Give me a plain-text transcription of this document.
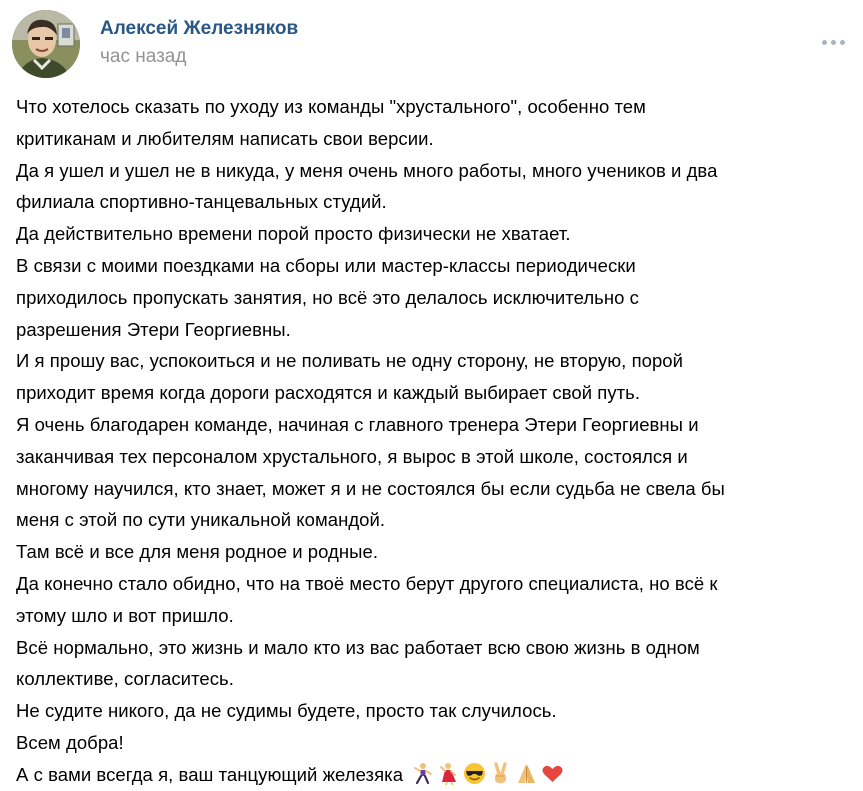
Алексей Железняков
час назад
Что хотелось сказать по уходу из команды "хрустального", особенно тем
критиканам и любителям написать свои версии.
Да я ушел и ушел не в никуда, у меня очень много работы, много учеников и два
филиала спортивно-танцевальных студий.
Да действительно времени порой просто физически не хватает.
В связи с моими поездками на сборы или мастер-классы периодически
приходилось пропускать занятия, но всё это делалось исключительно с
разрешения Этери Георгиевны.
И я прошу вас, успокоиться и не поливать не одну сторону, не вторую, порой
приходит время когда дороги расходятся и каждый выбирает свой путь.
Я очень благодарен команде, начиная с главного тренера Этери Георгиевны и
заканчивая тех персоналом хрустального, я вырос в этой школе, состоялся и
многому научился, кто знает, может я и не состоялся бы если судьба не свела бы
меня с этой по сути уникальной командой.
Там всё и все для меня родное и родные.
Да конечно стало обидно, что на твоё место берут другого специалиста, но всё к
этому шло и вот пришло.
Всё нормально, это жизнь и мало кто из вас работает всю свою жизнь в одном
коллективе, согласитесь.
Не судите никого, да не судимы будете, просто так случилось.
Всем добра!
А с вами всегда я, ваш танцующий железяка
